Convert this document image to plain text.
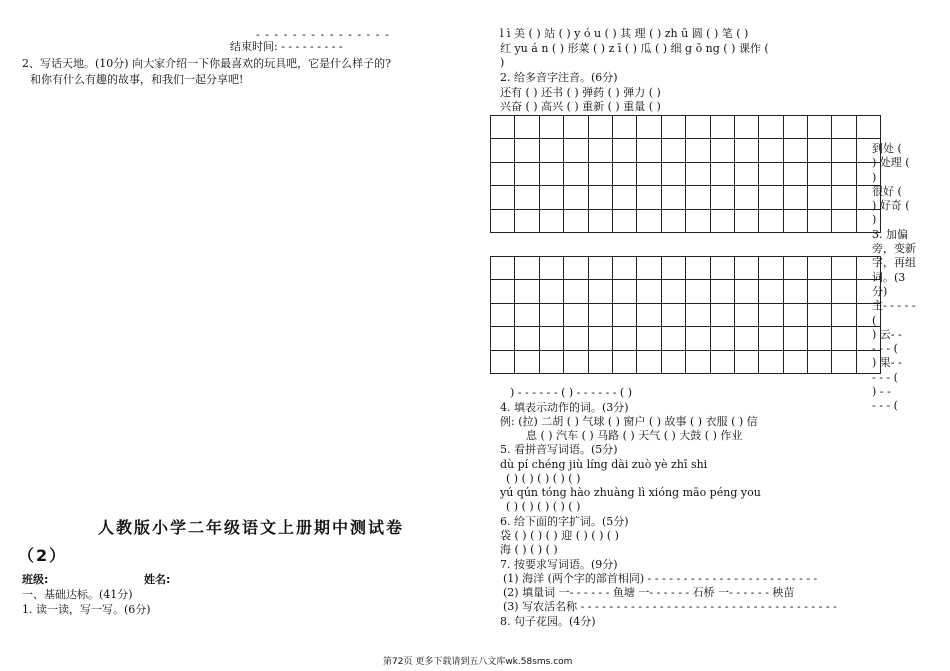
- - - - - - - - - - - - - - -
结束时间: - - - - - - - - -
2、写话天地。(10分) 向大家介绍一下你最喜欢的玩具吧，它是什么样子的?
和你有什么有趣的故事，和我们一起分享吧!
人教版小学二年级语文上册期中测试卷
（2）
班级:	姓名:
一、基础达标。(41分)
1. 读一读，写一写。(6分)
l ì 美 ( ) 站 ( ) y ó u ( ) 其 理 ( ) zh ū 圆 ( ) 笔 ( )
红 yu á n ( ) 形菜 ( ) z ī ( ) 瓜 ( ) 细 g ō ng ( ) 课作 (
)
2. 给多音字注音。(6分)
还有 ( ) 还书 ( ) 弹药 ( ) 弹力 ( )
兴奋 ( ) 高兴 ( ) 重新 ( ) 重量 ( )

到处 (
) 处理 (
)
很好 (
) 好奇 (
)
3. 加偏
旁，变新
字，再组
词。(3
分)
主- - - - -
(
) 云- -
- - - (
) 果- -
- - - (
) - -
- - - (
) - - - - - - ( ) - - - - - - ( )
4. 填表示动作的词。(3分)
例: (拉) 二胡 ( ) 气球 ( ) 窗户 ( ) 故事 ( ) 衣服 ( ) 信
息 ( ) 汽车 ( ) 马路 ( ) 天气 ( ) 大鼓 ( ) 作业
5. 看拼音写词语。(5分)
dù pí chéng jiù líng dài zuò yè zhī shi
( ) ( ) ( ) ( ) ( )
yú qún tóng hào zhuàng lì xióng māo péng you
( ) ( ) ( ) ( ) ( )
6. 给下面的字扩词。(5分)
袋 ( ) ( ) ( ) 迎 ( ) ( ) ( )
海 ( ) ( ) ( )
7. 按要求写词语。(9分)
(1) 海洋 (两个字的部首相同) - - - - - - - - - - - - - - - - - - - - - - - -
(2) 填量词 一- - - - - - 鱼塘 一- - - - - - 石桥 一- - - - - - 秧苗
(3) 写农活名称 - - - - - - - - - - - - - - - - - - - - - - - - - - - - - - - - - - - -
8. 句子花园。(4分)
第72页 更多下载请到五八文库wk.58sms.com
